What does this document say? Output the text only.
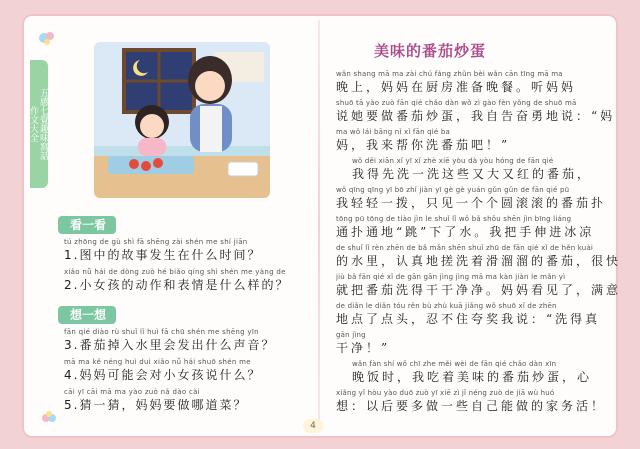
五感七覺趣味寫話
作文大全
看一看
tú zhōng de gù shì fā shēng zài shén me shí jiān
1.图中的故事发生在什么时间？
xiǎo nǚ hái de dòng zuò hé biǎo qíng shì shén me yàng de
2.小女孩的动作和表情是什么样的？
想一想
fān qié diào rù shuǐ lǐ huì fā chū shén me shēng yīn
3.番茄掉入水里会发出什么声音？
mā ma kě néng huì duì xiǎo nǚ hái shuō shén me
4.妈妈可能会对小女孩说什么？
cāi yī cāi mā ma yào zuò nǎ dào cài
5.猜一猜，妈妈要做哪道菜？
美味的番茄炒蛋
wǎn shang mā ma zài chú fáng zhǔn bèi wǎn cān tīng mā ma
晚上，妈妈在厨房准备晚餐。听妈妈
shuō tā yào zuò fān qié chǎo dàn wǒ zì gào fèn yǒng de shuō mā
说她要做番茄炒蛋，我自告奋勇地说：“妈
ma wǒ lái bāng nǐ xǐ fān qié ba
妈，我来帮你洗番茄吧！”
wǒ děi xiān xǐ yī xǐ zhè xiē yòu dà yòu hóng de fān qié
我得先洗一洗这些又大又红的番茄，
wǒ qīng qīng yī bō zhǐ jiàn yī gè gè yuán gǔn gǔn de fān qié pū
我轻轻一拨，只见一个个圆滚滚的番茄扑
tōng pū tōng de tiào jìn le shuǐ lǐ wǒ bǎ shǒu shēn jìn bīng liáng
通扑通地“跳”下了水。我把手伸进冰凉
de shuǐ lǐ rèn zhēn de bǎ mǎn shēn shuǐ zhū de fān qié xǐ de hěn kuài
的水里，认真地搓洗着滑溜溜的番茄，很快
jiù bǎ fān qié xǐ de gān gān jìng jìng mā ma kàn jiàn le mǎn yì
就把番茄洗得干干净净。妈妈看见了，满意
de diǎn le diǎn tóu rěn bù zhù kuā jiǎng wǒ shuō xǐ de zhēn
地点了点头，忍不住夸奖我说：“洗得真
gān jìng
干净！”
wǎn fàn shí wǒ chī zhe měi wèi de fān qié chǎo dàn xīn
晚饭时，我吃着美味的番茄炒蛋，心
xiǎng yǐ hòu yào duō zuò yī xiē zì jǐ néng zuò de jiā wù huó
想：以后要多做一些自己能做的家务活！
4
